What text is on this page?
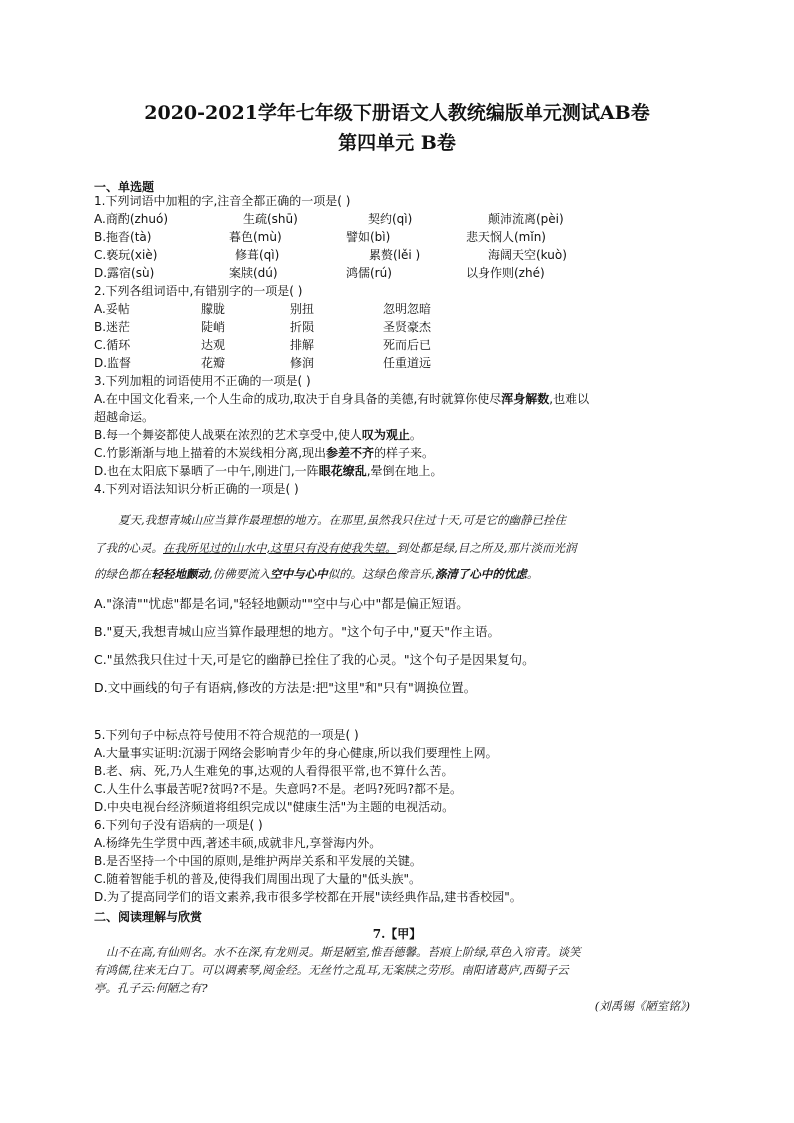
2020-2021学年七年级下册语文人教统编版单元测试AB卷
第四单元 B卷
一、单选题
1.下列词语中加粗的字,注音全都正确的一项是( )
A.商酌(zhuó)	生疏(shū)	契约(qì)	颠沛流离(pèi)
B.拖沓(tà)	暮色(mù)	譬如(bì)	悲天悯人(mǐn)
C.亵玩(xiè)	修葺(qì)	累赘(lěi )	海阔天空(kuò)
D.露宿(sù)	案牍(dú)	鸿儒(rú)	以身作则(zhé)
2.下列各组词语中,有错别字的一项是( )
A.妥帖	朦胧	别扭	忽明忽暗
B.迷茫	陡峭	折陨	圣贤豪杰
C.循环	达观	排解	死而后已
D.监督	花瓣	修润	任重道远
3.下列加粗的词语使用不正确的一项是( )
A.在中国文化看来,一个人生命的成功,取决于自身具备的美德,有时就算你使尽浑身解数,也难以
超越命运。
B.每一个舞姿都使人战栗在浓烈的艺术享受中,使人叹为观止。
C.竹影渐渐与地上描着的木炭线相分离,现出参差不齐的样子来。
D.也在太阳底下暴晒了一中午,刚进门,一阵眼花缭乱,晕倒在地上。
4.下列对语法知识分析正确的一项是( )
夏天,我想青城山应当算作最理想的地方。在那里,虽然我只住过十天,可是它的幽静已拴住
了我的心灵。在我所见过的山水中,这里只有没有使我失望。到处都是绿,目之所及,那片淡而光润
的绿色都在轻轻地颤动,仿佛要流入空中与心中似的。这绿色像音乐,涤清了心中的忧虑。
A."涤清""忧虑"都是名词,"轻轻地颤动""空中与心中"都是偏正短语。
B."夏天,我想青城山应当算作最理想的地方。"这个句子中,"夏天"作主语。
C."虽然我只住过十天,可是它的幽静已拴住了我的心灵。"这个句子是因果复句。
D.文中画线的句子有语病,修改的方法是:把"这里"和"只有"调换位置。
5.下列句子中标点符号使用不符合规范的一项是( )
A.大量事实证明:沉溺于网络会影响青少年的身心健康,所以我们要理性上网。
B.老、病、死,乃人生难免的事,达观的人看得很平常,也不算什么苦。
C.人生什么事最苦呢?贫吗?不是。失意吗?不是。老吗?死吗?都不是。
D.中央电视台经济频道将组织完成以"健康生活"为主题的电视活动。
6.下列句子没有语病的一项是( )
A.杨绛先生学贯中西,著述丰硕,成就非凡,享誉海内外。
B.是否坚持一个中国的原则,是维护两岸关系和平发展的关键。
C.随着智能手机的普及,使得我们周围出现了大量的"低头族"。
D.为了提高同学们的语文素养,我市很多学校都在开展"读经典作品,建书香校园"。
二、阅读理解与欣赏
7.【甲】
山不在高,有仙则名。水不在深,有龙则灵。斯是陋室,惟吾德馨。苔痕上阶绿,草色入帘青。谈笑
有鸿儒,往来无白丁。可以调素琴,阅金经。无丝竹之乱耳,无案牍之劳形。南阳诸葛庐,西蜀子云
亭。孔子云:何陋之有?
(刘禹锡《陋室铭》)
